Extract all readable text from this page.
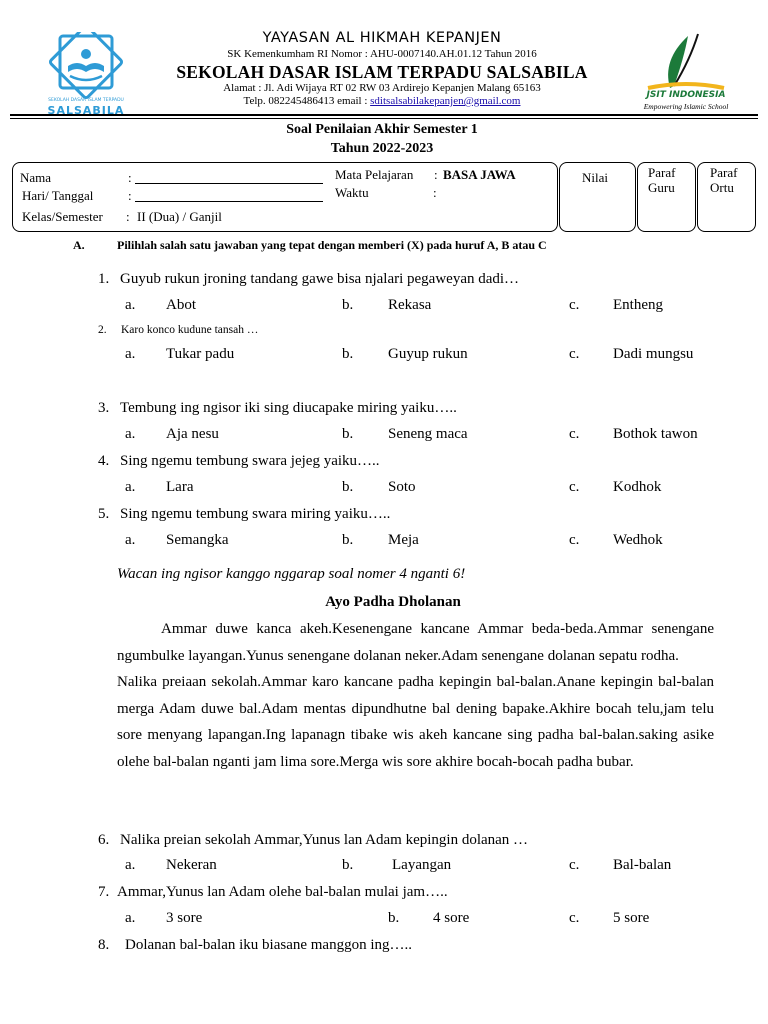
SEKOLAH DASAR ISLAM TERPADU
SALSABILA
YAYASAN AL HIKMAH KEPANJEN
SK Kemenkumham RI Nomor : AHU-0007140.AH.01.12 Tahun 2016
SEKOLAH DASAR ISLAM TERPADU SALSABILA
Alamat : Jl. Adi Wijaya RT 02 RW 03 Ardirejo Kepanjen Malang 65163
Telp. 082245486413 email : sditsalsabilakepanjen@gmail.com	JSIT INDONESIA
Empowering Islamic School
Soal Penilaian Akhir Semester 1
Tahun 2022-2023
Nama	:
Hari/ Tanggal	:
Kelas/Semester : II (Dua) / Ganjil
Mata Pelajaran : BASA JAWA
Waktu	:
Nilai	Paraf
Guru
Paraf
Ortu
A.	Pilihlah salah satu jawaban yang tepat dengan memberi (X) pada huruf A, B atau C
1. Guyub rukun jroning tandang gawe bisa njalari pegaweyan dadi…
a. Abot	b. Rekasa	c. Entheng
2. Karo konco kudune tansah …
a. Tukar padu	b. Guyup rukun	c. Dadi mungsu
3. Tembung ing ngisor iki sing diucapake miring yaiku…..
a. Aja nesu	b. Seneng maca	c. Bothok tawon
4. Sing ngemu tembung swara jejeg yaiku…..
a. Lara	b. Soto	c. Kodhok
5. Sing ngemu tembung swara miring yaiku…..
a. Semangka	b. Meja	c. Wedhok
Wacan ing ngisor kanggo nggarap soal nomer 4 nganti 6!
Ayo Padha Dholanan

Ammar duwe kanca akeh.Kesenengane kancane Ammar beda-beda.Ammar senengane ngumbulke layangan.Yunus senengane dolanan neker.Adam senengane dolanan sepatu rodha.

Nalika preiaan sekolah.Ammar karo kancane padha kepingin bal-balan.Anane kepingin bal-balan merga Adam duwe bal.Adam mentas dipundhutne bal dening bapake.Akhire bocah telu,jam telu sore menyang lapangan.Ing lapanagn tibake wis akeh kancane sing padha bal-balan.saking asike olehe bal-balan nganti jam lima sore.Merga wis sore akhire bocah-bocah padha bubar.

6. Nalika preian sekolah Ammar,Yunus lan Adam kepingin dolanan …
a. Nekeran	b.	Layangan	c. Bal-balan
7. Ammar,Yunus lan Adam olehe bal-balan mulai jam…..
a. 3 sore	b. 4 sore	c. 5 sore
8. Dolanan bal-balan iku biasane manggon ing…..
